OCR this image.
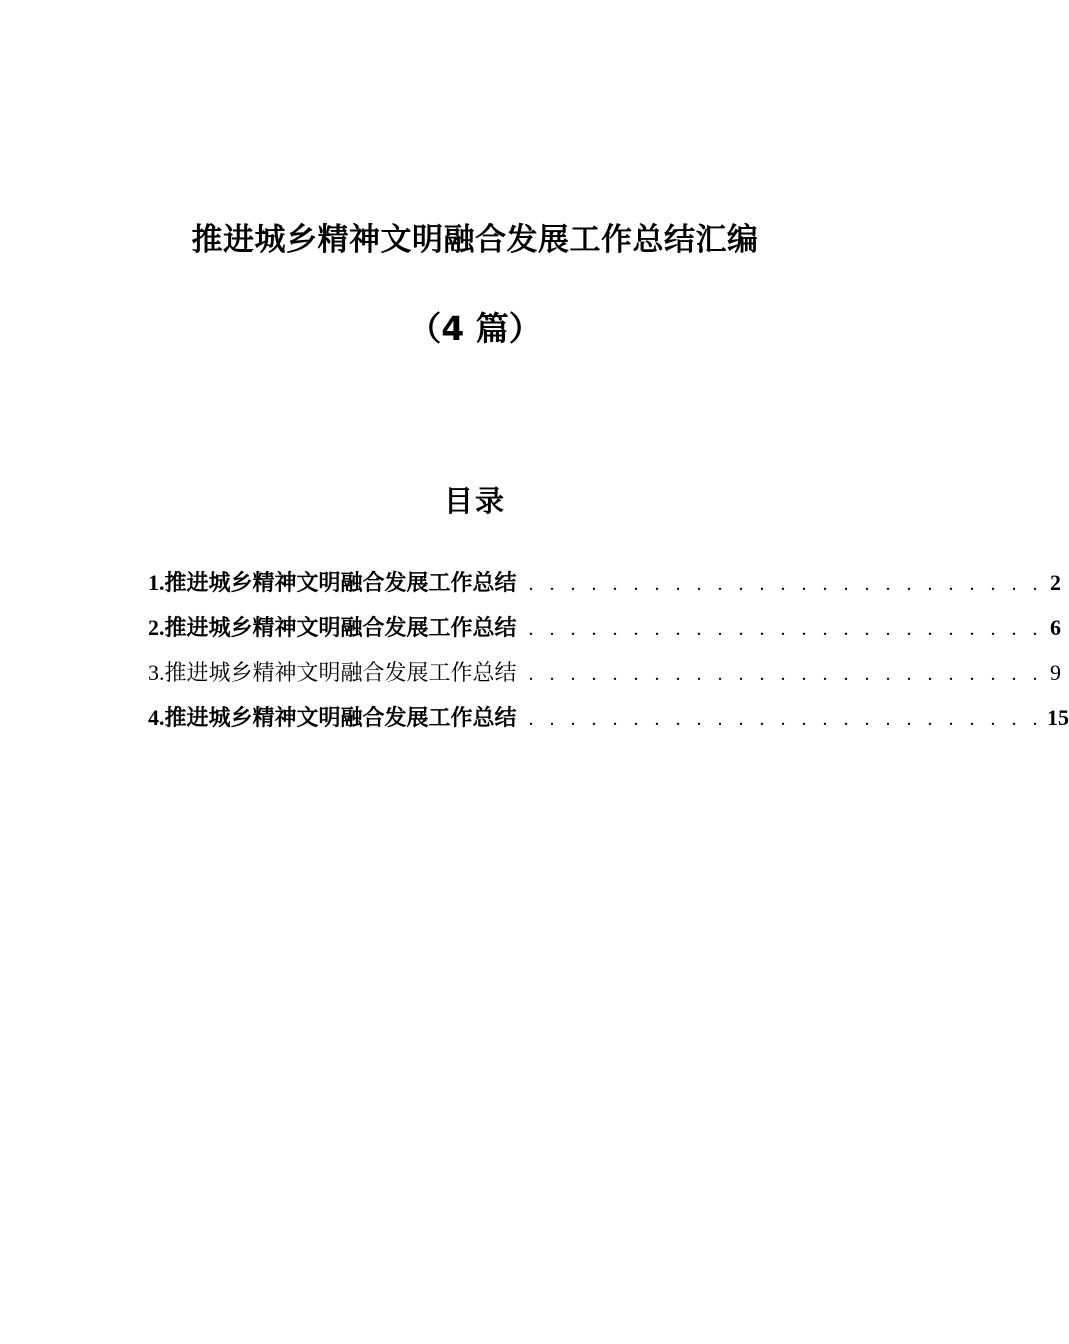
推进城乡精神文明融合发展工作总结汇编
（4 篇）
目录
1. 推进城乡精神文明融合发展工作总结 . . . . . . . . . . . . . . . . . . . . . . . . . 2
2. 推进城乡精神文明融合发展工作总结 . . . . . . . . . . . . . . . . . . . . . . . . . 6
3. 推进城乡精神文明融合发展工作总结 . . . . . . . . . . . . . . . . . . . . . . . . . 9
4. 推进城乡精神文明融合发展工作总结 . . . . . . . . . . . . . . . . . . . . . . . . . 15
